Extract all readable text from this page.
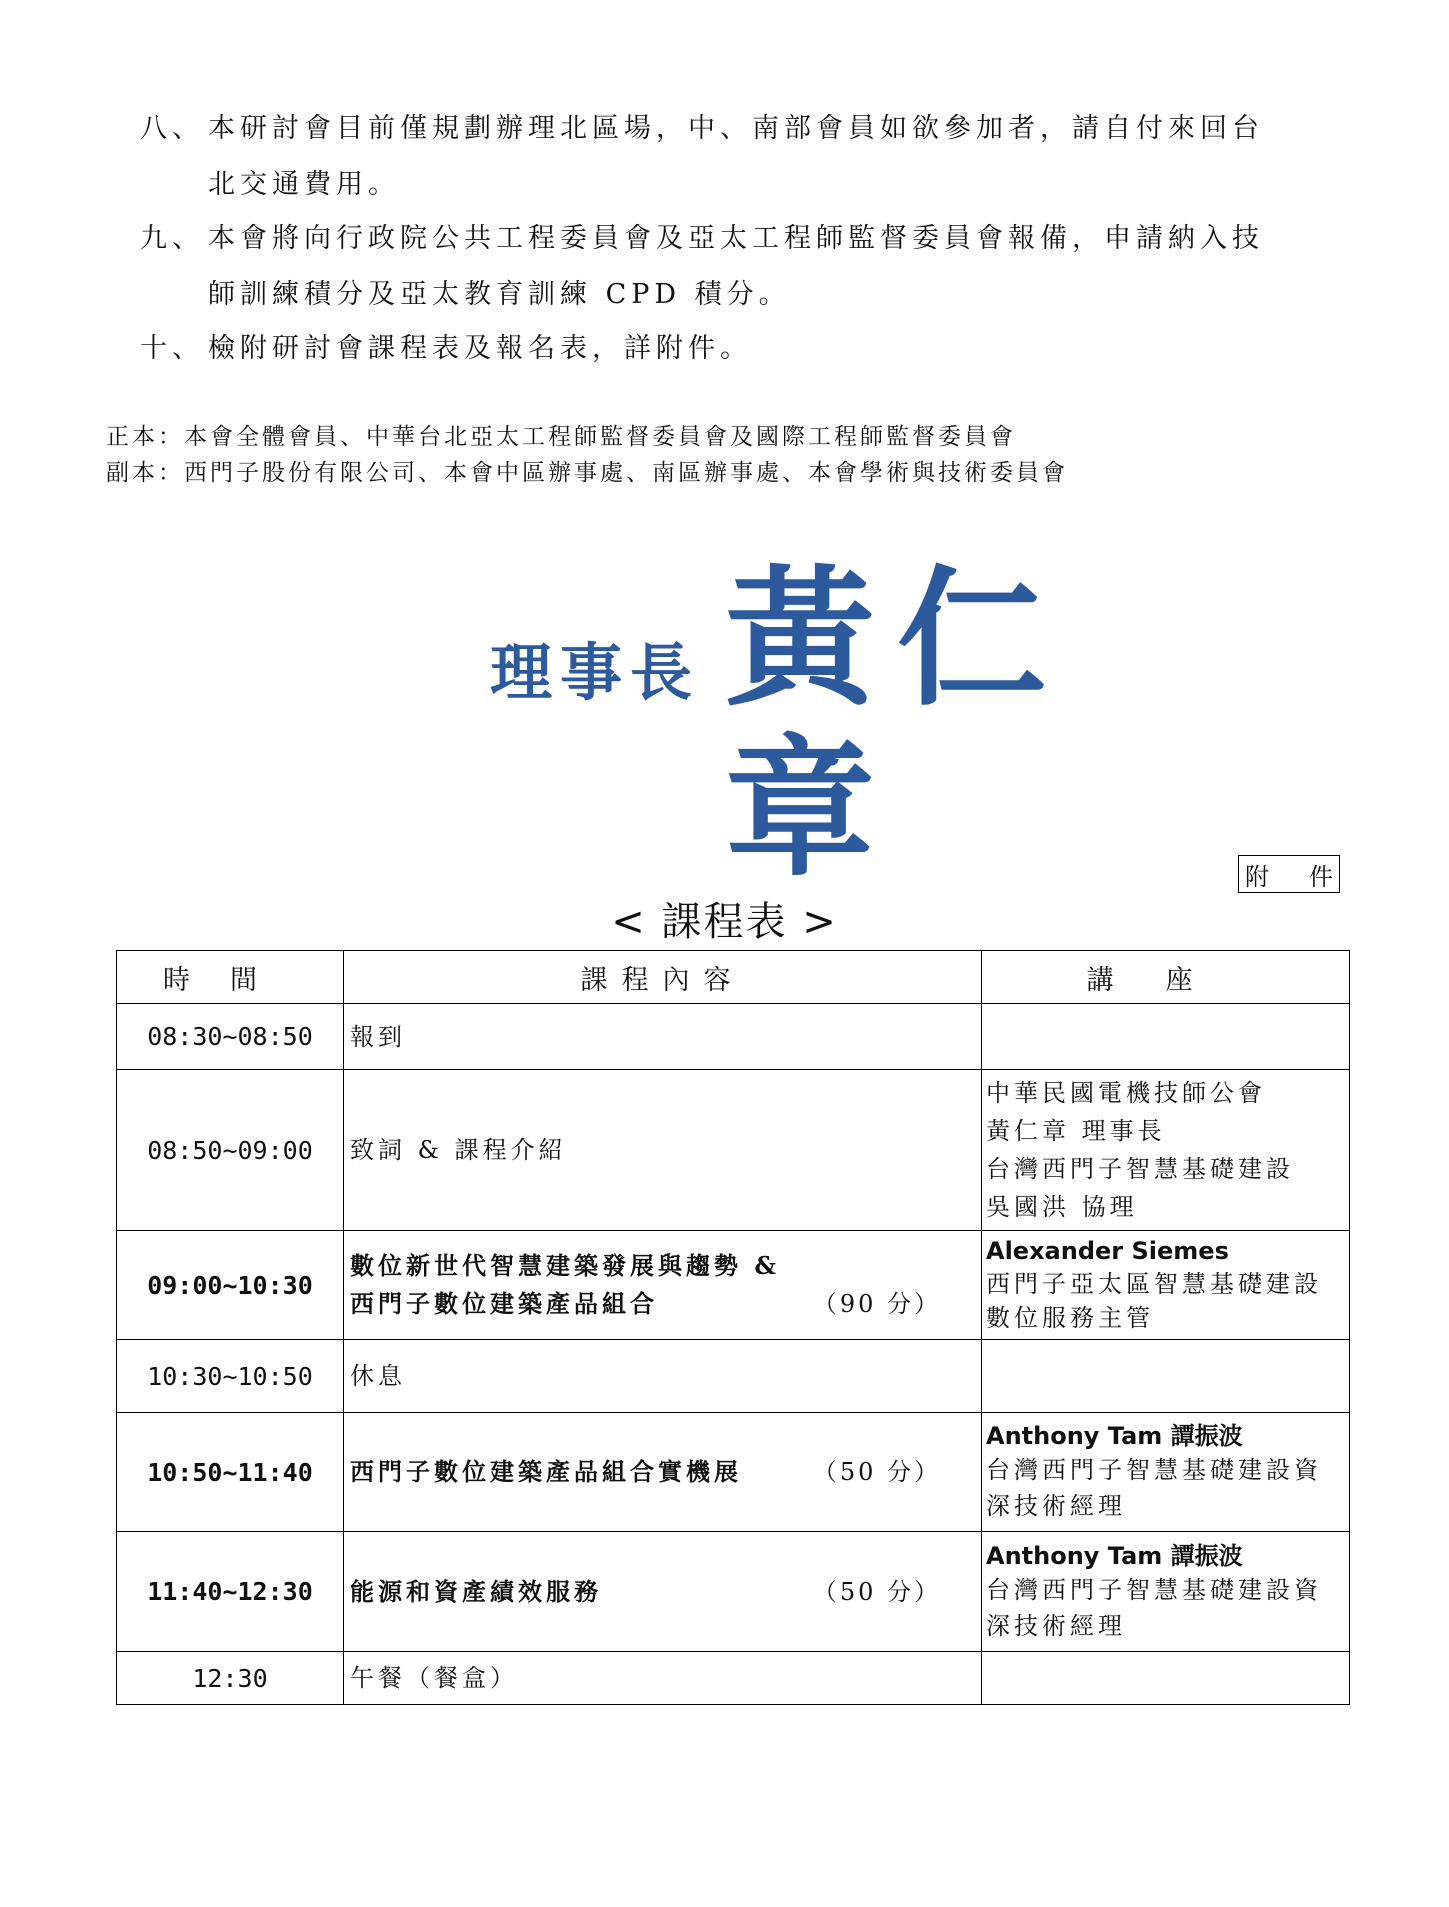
八、 本研討會目前僅規劃辦理北區場，中、南部會員如欲參加者，請自付來回台
北交通費用。
九、 本會將向行政院公共工程委員會及亞太工程師監督委員會報備，申請納入技
師訓練積分及亞太教育訓練 CPD 積分。
十、 檢附研討會課程表及報名表，詳附件。
正本：本會全體會員、中華台北亞太工程師監督委員會及國際工程師監督委員會
副本：西門子股份有限公司、本會中區辦事處、南區辦事處、本會學術與技術委員會
理事長 黃仁章	附 件
< 課程表 >
時間	課程內容	講座
08:30~08:50	報到	

08:50~09:00	致詞 & 課程介紹	中華民國電機技師公會
黃仁章 理事長
台灣西門子智慧基礎建設
吳國洪 協理

09:00~10:30	數位新世代智慧建築發展與趨勢 &
西門子數位建築產品組合 （90 分）	Alexander Siemes
西門子亞太區智慧基礎建設
數位服務主管

10:30~10:50	休息	

10:50~11:40	西門子數位建築產品組合實機展 （50 分）	Anthony Tam 譚振波
台灣西門子智慧基礎建設資
深技術經理

11:40~12:30	能源和資產績效服務 （50 分）	Anthony Tam 譚振波
台灣西門子智慧基礎建設資
深技術經理

12:30	午餐（餐盒）	
